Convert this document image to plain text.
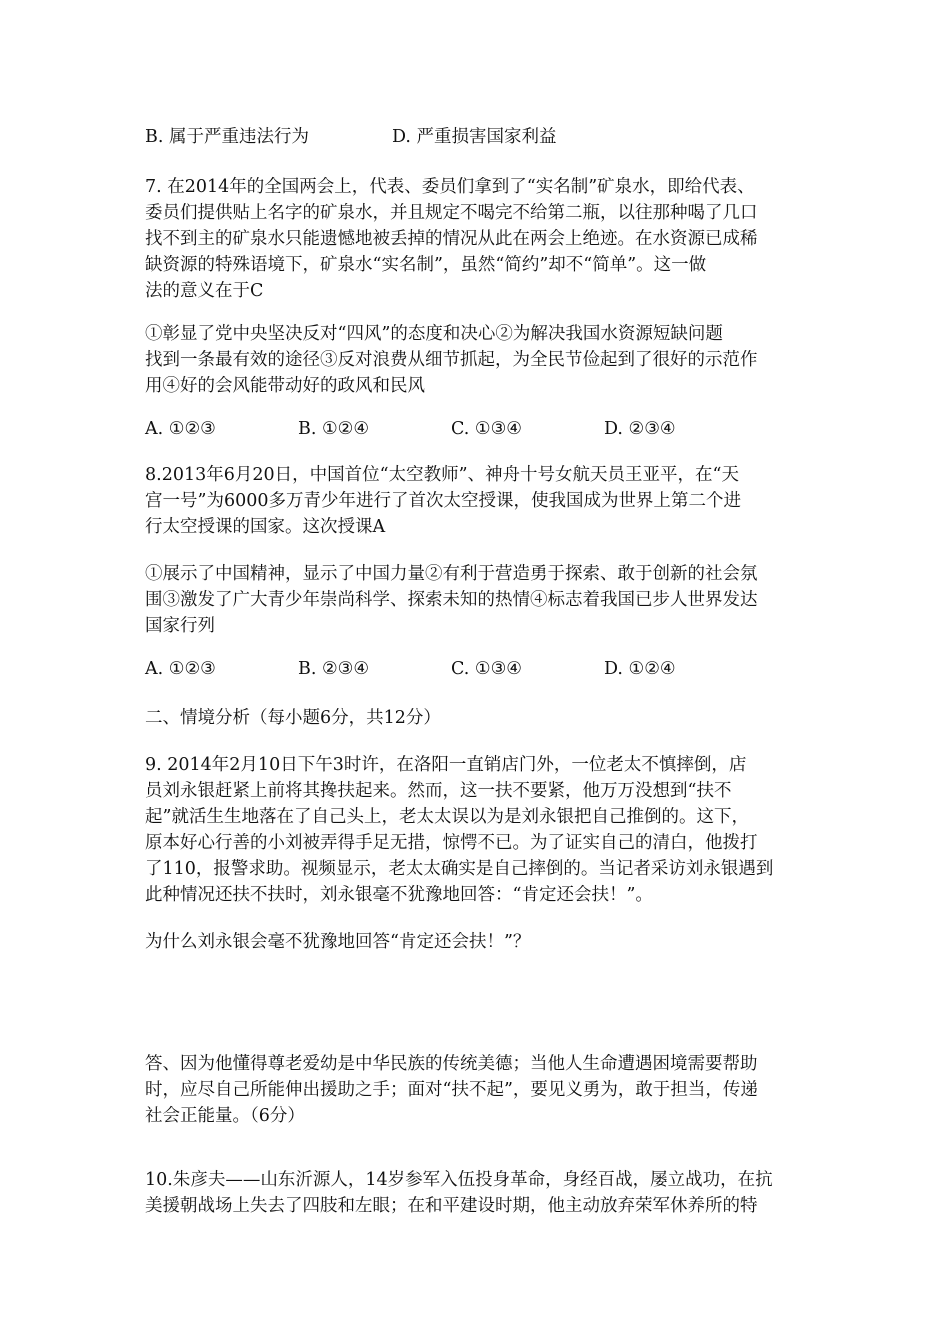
B. 属于严重违法行为	D. 严重损害国家利益
7. 在2014年的全国两会上，代表、委员们拿到了“实名制”矿泉水，即给代表、
委员们提供贴上名字的矿泉水，并且规定不喝完不给第二瓶，以往那种喝了几口
找不到主的矿泉水只能遗憾地被丢掉的情况从此在两会上绝迹。在水资源已成稀
缺资源的特殊语境下，矿泉水“实名制”，虽然“简约”却不“简单”。这一做
法的意义在于C
①彰显了党中央坚决反对“四风”的态度和决心②为解决我国水资源短缺问题
找到一条最有效的途径③反对浪费从细节抓起，为全民节俭起到了很好的示范作
用④好的会风能带动好的政风和民风
A. ①②③	B. ①②④	C. ①③④	D. ②③④
8.2013年6月20日，中国首位“太空教师”、神舟十号女航天员王亚平，在“天
宫一号”为6000多万青少年进行了首次太空授课，使我国成为世界上第二个进
行太空授课的国家。这次授课A
①展示了中国精神，显示了中国力量②有利于营造勇于探索、敢于创新的社会氛
围③激发了广大青少年崇尚科学、探索未知的热情④标志着我国已步人世界发达
国家行列
A. ①②③	B. ②③④	C. ①③④	D. ①②④
二、情境分析（每小题6分，共12分）
9. 2014年2月10日下午3时许，在洛阳一直销店门外，一位老太不慎摔倒，店
员刘永银赶紧上前将其搀扶起来。然而，这一扶不要紧，他万万没想到“扶不
起”就活生生地落在了自己头上，老太太误以为是刘永银把自己推倒的。这下，
原本好心行善的小刘被弄得手足无措，惊愕不已。为了证实自己的清白，他拨打
了110，报警求助。视频显示，老太太确实是自己摔倒的。当记者采访刘永银遇到
此种情况还扶不扶时，刘永银毫不犹豫地回答：“肯定还会扶！”。
为什么刘永银会毫不犹豫地回答“肯定还会扶！”？
答、因为他懂得尊老爱幼是中华民族的传统美德；当他人生命遭遇困境需要帮助
时，应尽自己所能伸出援助之手；面对“扶不起”，要见义勇为，敢于担当，传递
社会正能量。（6分）
10.朱彦夫——山东沂源人，14岁参军入伍投身革命，身经百战，屡立战功，在抗
美援朝战场上失去了四肢和左眼；在和平建设时期，他主动放弃荣军休养所的特
